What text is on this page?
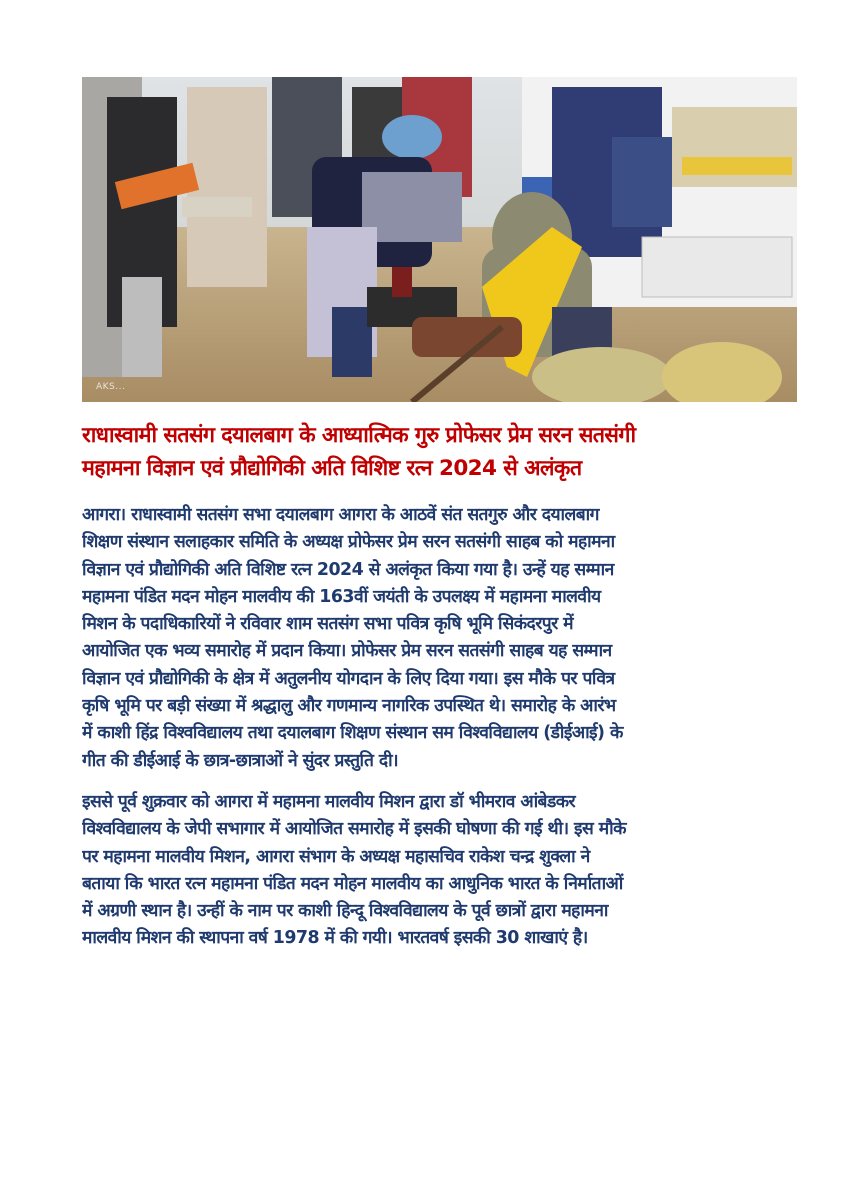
AKS...
राधास्वामी सतसंग दयालबाग के आध्यात्मिक गुरु प्रोफेसर प्रेम सरन सतसंगी
महामना विज्ञान एवं प्रौद्योगिकी अति विशिष्ट रत्न 2024 से अलंकृत

आगरा। राधास्वामी सतसंग सभा दयालबाग आगरा के आठवें संत सतगुरु और दयालबाग
शिक्षण संस्थान सलाहकार समिति के अध्यक्ष प्रोफेसर प्रेम सरन सतसंगी साहब को महामना
विज्ञान एवं प्रौद्योगिकी अति विशिष्ट रत्न 2024 से अलंकृत किया गया है। उन्हें यह सम्मान
महामना पंडित मदन मोहन मालवीय की 163वीं जयंती के उपलक्ष्य में महामना मालवीय
मिशन के पदाधिकारियों ने रविवार शाम सतसंग सभा पवित्र कृषि भूमि सिकंदरपुर में
आयोजित एक भव्य समारोह में प्रदान किया। प्रोफेसर प्रेम सरन सतसंगी साहब यह सम्मान
विज्ञान एवं प्रौद्योगिकी के क्षेत्र में अतुलनीय योगदान के लिए दिया गया। इस मौके पर पवित्र
कृषि भूमि पर बड़ी संख्या में श्रद्धालु और गणमान्य नागरिक उपस्थित थे। समारोह के आरंभ
में काशी हिंद्र विश्वविद्यालय तथा दयालबाग शिक्षण संस्थान सम विश्वविद्यालय (डीईआई) के
गीत की डीईआई के छात्र-छात्राओं ने सुंदर प्रस्तुति दी।

इससे पूर्व शुक्रवार को आगरा में महामना मालवीय मिशन द्वारा डॉ भीमराव आंबेडकर
विश्वविद्यालय के जेपी सभागार में आयोजित समारोह में इसकी घोषणा की गई थी। इस मौके
पर महामना मालवीय मिशन, आगरा संभाग के अध्यक्ष महासचिव राकेश चन्द्र शुक्ला ने
बताया कि भारत रत्न महामना पंडित मदन मोहन मालवीय का आधुनिक भारत के निर्माताओं
में अग्रणी स्थान है। उन्हीं के नाम पर काशी हिन्दू विश्वविद्यालय के पूर्व छात्रों द्वारा महामना
मालवीय मिशन की स्थापना वर्ष 1978 में की गयी। भारतवर्ष इसकी 30 शाखाएं है।
